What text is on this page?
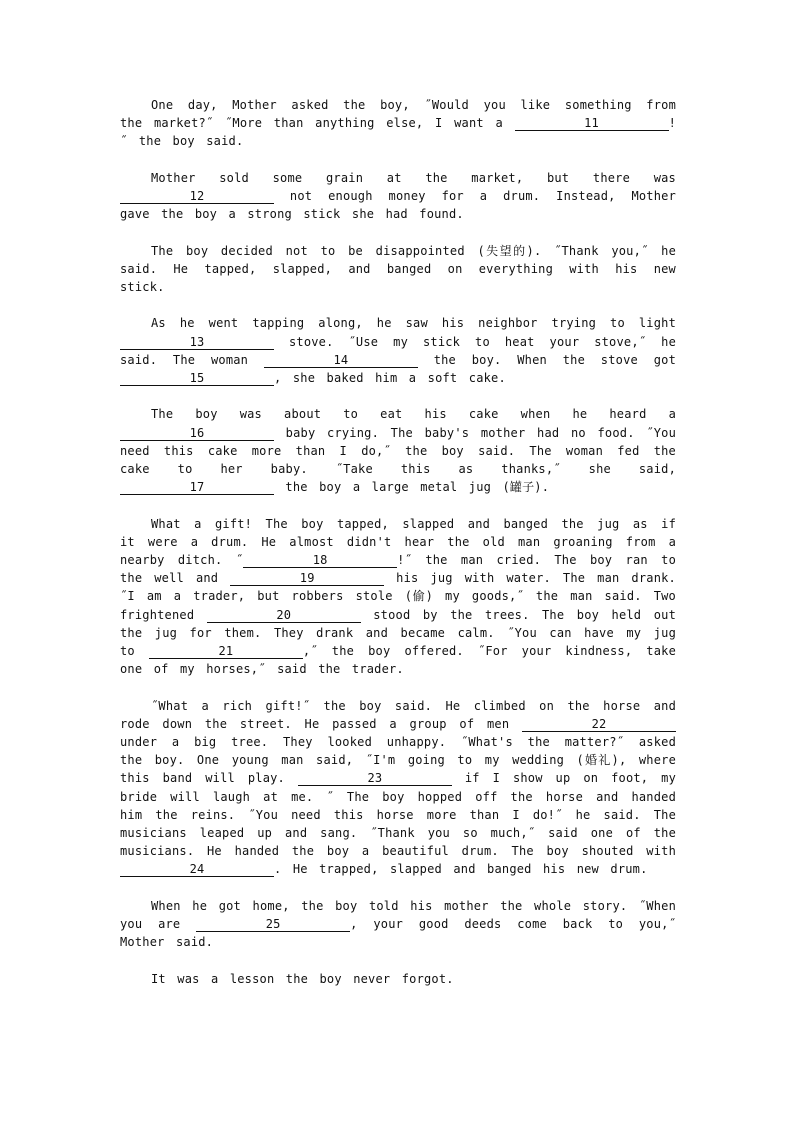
One day, Mother asked the boy, ˝Would you like something from the market?˝ ˝More than anything else, I want a	11	!˝ the boy said.

Mother sold some grain at the market, but there was 12	not enough money for a drum. Instead, Mother gave the boy a strong stick she had found.

The boy decided not to be disappointed (失望的). ˝Thank you,˝ he said. He tapped, slapped, and banged on everything with his new stick.

As he went tapping along, he saw his neighbor trying to light 13	stove. ˝Use my stick to heat your stove,˝ he said. The woman	14	the boy. When the stove got 15	, she baked him a soft cake.

The boy was about to eat his cake when he heard a 16	baby crying. The baby's mother had no food. ˝You need this cake more than I do,˝ the boy said. The woman fed the cake to her baby. ˝Take this as thanks,˝ she said, 17	the boy a large metal jug (罐子).

What a gift! The boy tapped, slapped and banged the jug as if it were a drum. He almost didn't hear the old man groaning from a nearby ditch. ˝	18	!˝ the man cried. The boy ran to the well and	19	his jug with water. The man drank. ˝I am a trader, but robbers stole (偷) my goods,˝ the man said. Two frightened	20	stood by the trees. The boy held out the jug for them. They drank and became calm. ˝You can have my jug to	21	,˝ the boy offered. ˝For your kindness, take one of my horses,˝ said the trader.

˝What a rich gift!˝ the boy said. He climbed on the horse and rode down the street. He passed a group of men	22	under a big tree. They looked unhappy. ˝What's the matter?˝ asked the boy. One young man said, ˝I'm going to my wedding (婚礼), where this band will play.	23	if I show up on foot, my bride will laugh at me. ˝ The boy hopped off the horse and handed him the reins. ˝You need this horse more than I do!˝ he said. The musicians leaped up and sang. ˝Thank you so much,˝ said one of the musicians. He handed the boy a beautiful drum. The boy shouted with 24	. He trapped, slapped and banged his new drum.

When he got home, the boy told his mother the whole story. ˝When you are	25	, your good deeds come back to you,˝ Mother said.

It was a lesson the boy never forgot.
